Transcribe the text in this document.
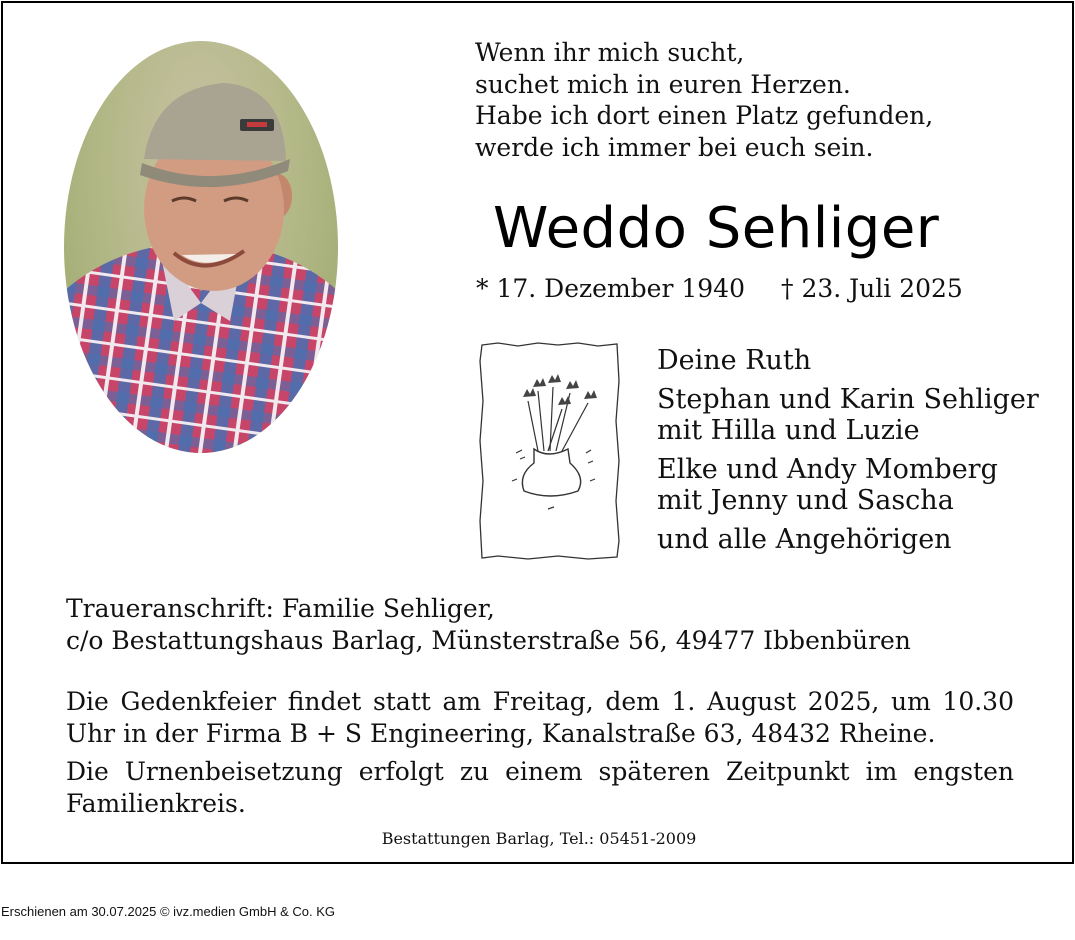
Wenn ihr mich sucht,
suchet mich in euren Herzen.
Habe ich dort einen Platz gefunden,
werde ich immer bei euch sein.
Weddo Sehliger
* 17. Dezember 1940 † 23. Juli 2025
Deine Ruth
Stephan und Karin Sehliger
mit Hilla und Luzie
Elke und Andy Momberg
mit Jenny und Sascha
und alle Angehörigen
Traueranschrift: Familie Sehliger,
c/o Bestattungshaus Barlag, Münsterstraße 56, 49477 Ibbenbüren

Die Gedenkfeier findet statt am Freitag, dem 1. August 2025, um 10.30 Uhr in der Firma B + S Engineering, Kanalstraße 63, 48432 Rheine.

Die Urnenbeisetzung erfolgt zu einem späteren Zeitpunkt im engsten Familienkreis.

Bestattungen Barlag, Tel.: 05451-2009
Erschienen am 30.07.2025 © ivz.medien GmbH & Co. KG
